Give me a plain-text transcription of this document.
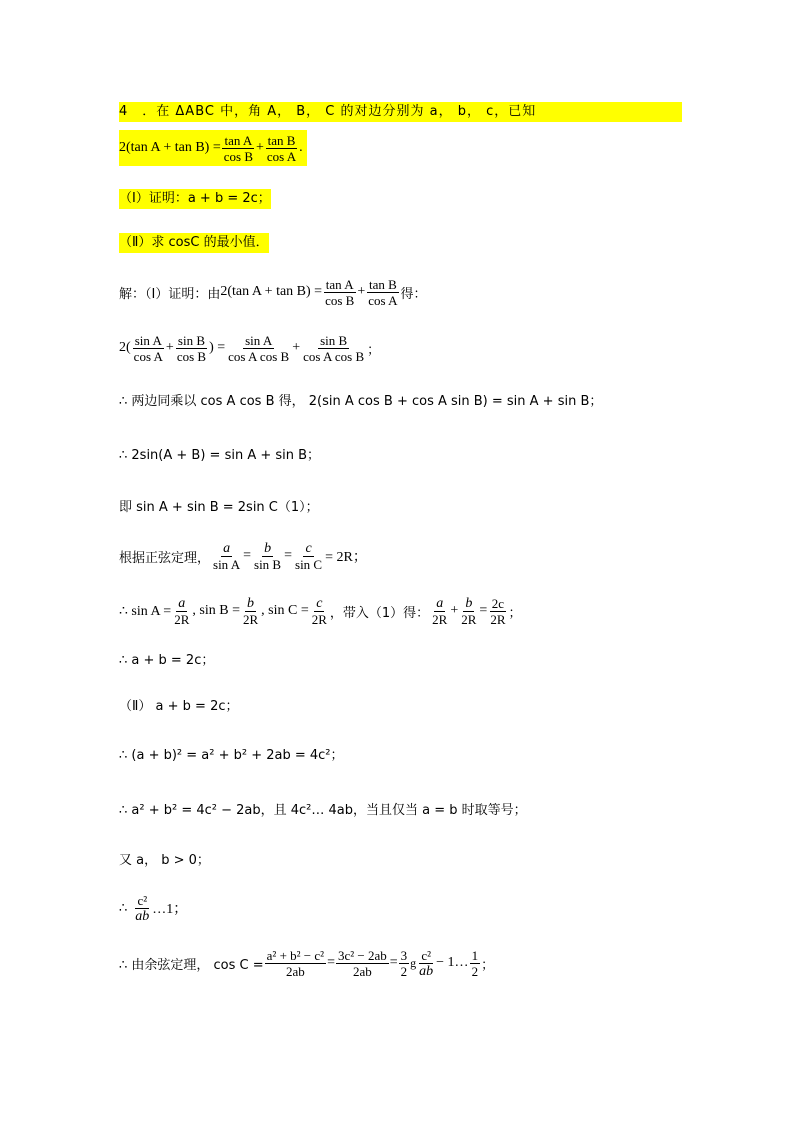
4　．在 ΔABC 中，角 A， B， C 的对边分别为 a， b， c，已知
2(tan $A + \tan B) = \frac{\text{tan A}}{\text{cos B}} + \frac{\text{tan B}}{\text{cos A}}$ .
（Ⅰ）证明：a + b = 2c；
（Ⅱ）求 cosC 的最小值．
解：（Ⅰ）证明：由 2(tan $A + \tan B) = \frac{\text{tan A}}{\text{cos B}} + \frac{\text{tan B}}{\text{cos A}}$ 得：
2( sin A
cos A
+ $\frac{\text{sin B}}{\text{cos B}}$ ) = $\frac{\text{sin A}}{\text{cos A cos B}} + \frac{\text{sin B}}{\text{cos A cos B}}$ ；
∴ 两边同乘以 cos A cos B 得， 2(sin A cos B + cos A sin B) = sin A + sin B；
∴ 2sin(A + B) = sin A + sin B；
即 sin A + sin B = 2sin C（1）；
根据正弦定理， $\frac{a}{\text{sin A}} = \frac{b}{\text{sin B}} = \frac{c}{\text{sin C}} = 2R$；
∴ $\sin A = \frac{a}{2R}$ , $\sin B = \frac{b}{2R}$ , $\sin C = \frac{c}{2R}$ ，带入（1）得：
a
2R
+ $\frac{b}{2R} = \frac{2c}{2R}$ ；
∴ a + b = 2c；
（Ⅱ） a + b = 2c；
∴ (a + b)² = a² + b² + 2ab = 4c²；
∴ a² + b² = 4c² − 2ab，且 4c²… 4ab，当且仅当 a = b 时取等号；
又 a， b > 0；
∴
c²
ab …1；
∴ 由余弦定理， $\cos C = \frac{\text{a² + b² − c²}}{2ab} = \frac{\text{3c² − 2ab}}{2ab} = \frac{3}{2}$ g c²
ab
− 1… 1
2 ；
